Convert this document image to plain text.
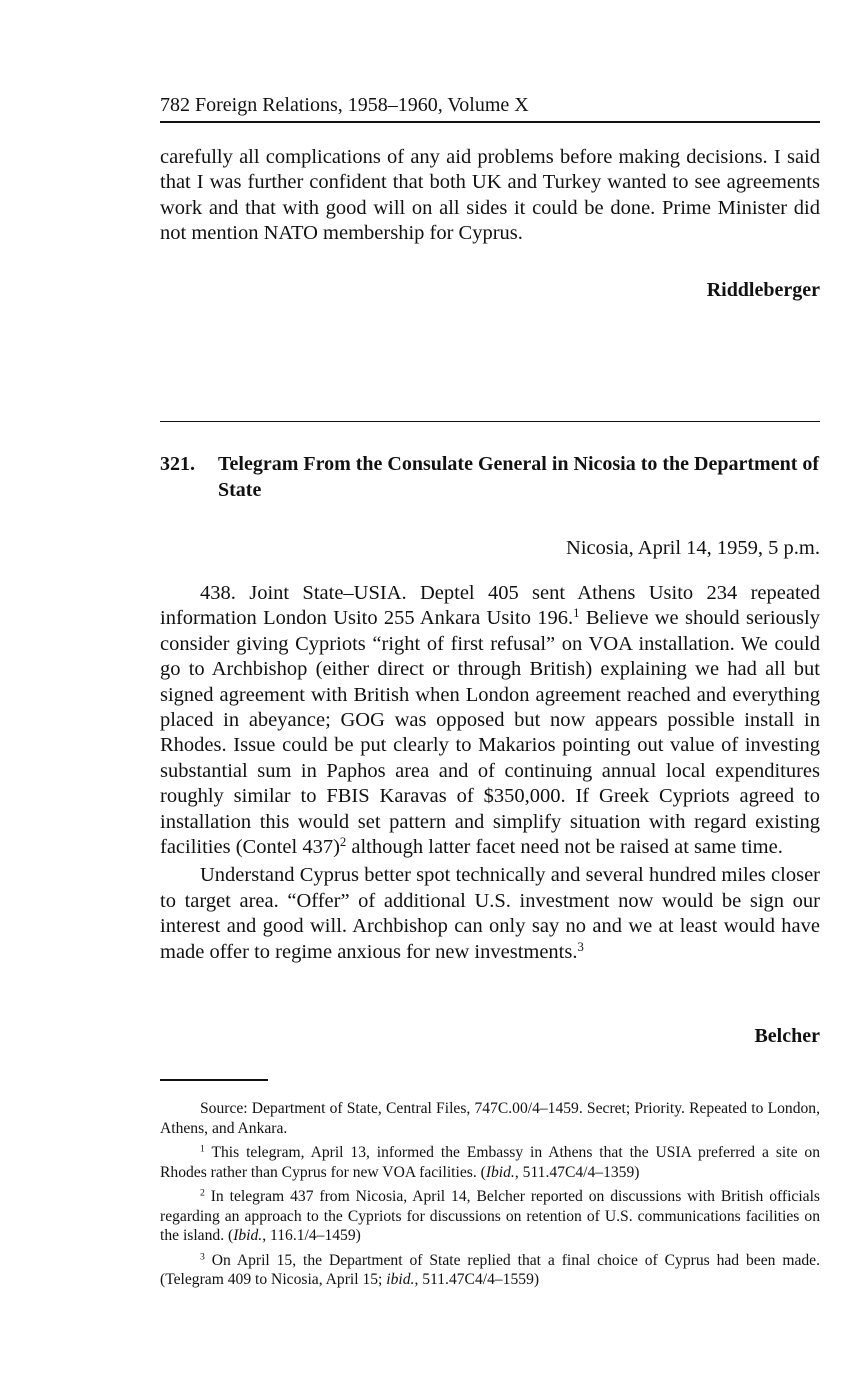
782 Foreign Relations, 1958–1960, Volume X

carefully all complications of any aid problems before making decisions. I said that I was further confident that both UK and Turkey wanted to see agreements work and that with good will on all sides it could be done. Prime Minister did not mention NATO membership for Cyprus.

Riddleberger
321. Telegram From the Consulate General in Nicosia to the Department of State
Nicosia, April 14, 1959, 5 p.m.

438. Joint State–USIA. Deptel 405 sent Athens Usito 234 repeated information London Usito 255 Ankara Usito 196.$^1$ Believe we should seriously consider giving Cypriots “right of first refusal” on VOA installation. We could go to Archbishop (either direct or through British) explaining we had all but signed agreement with British when London agreement reached and everything placed in abeyance; GOG was opposed but now appears possible install in Rhodes. Issue could be put clearly to Makarios pointing out value of investing substantial sum in Paphos area and of continuing annual local expenditures roughly similar to FBIS Karavas of $350,000. If Greek Cypriots agreed to installation this would set pattern and simplify situation with regard existing facilities (Contel 437)$^2$ although latter facet need not be raised at same time.

Understand Cyprus better spot technically and several hundred miles closer to target area. “Offer” of additional U.S. investment now would be sign our interest and good will. Archbishop can only say no and we at least would have made offer to regime anxious for new investments.$^3$

Belcher

Source: Department of State, Central Files, 747C.00/4–1459. Secret; Priority. Repeated to London, Athens, and Ankara.

$^1$ This telegram, April 13, informed the Embassy in Athens that the USIA preferred a site on Rhodes rather than Cyprus for new VOA facilities. (Ibid., 511.47C4/4–1359)

$^2$ In telegram 437 from Nicosia, April 14, Belcher reported on discussions with British officials regarding an approach to the Cypriots for discussions on retention of U.S. communications facilities on the island. (Ibid., 116.1/4–1459)

$^3$ On April 15, the Department of State replied that a final choice of Cyprus had been made. (Telegram 409 to Nicosia, April 15; ibid., 511.47C4/4–1559)
